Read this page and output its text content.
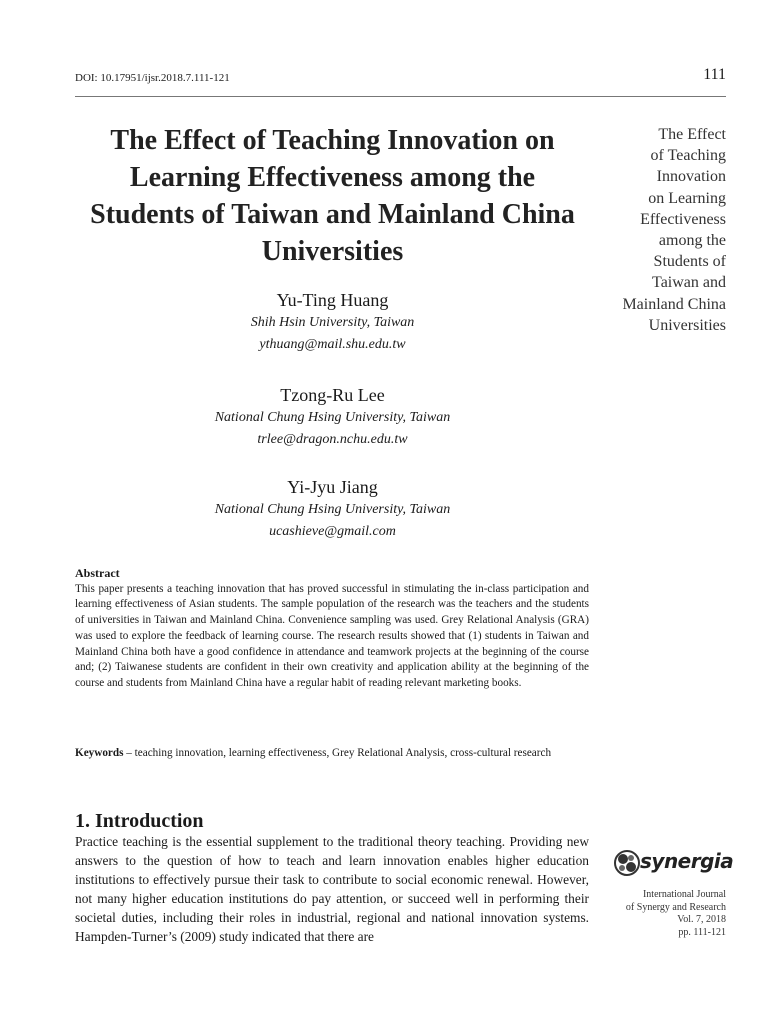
DOI: 10.17951/ijsr.2018.7.111-121	111
The Effect of Teaching Innovation on Learning Effectiveness among the Students of Taiwan and Mainland China Universities
The Effect
of Teaching
Innovation
on Learning
Effectiveness
among the
Students of
Taiwan and
Mainland China
Universities
Yu-Ting Huang
Shih Hsin University, Taiwan
ythuang@mail.shu.edu.tw
Tzong-Ru Lee
National Chung Hsing University, Taiwan
trlee@dragon.nchu.edu.tw
Yi-Jyu Jiang
National Chung Hsing University, Taiwan
ucashieve@gmail.com
Abstract
This paper presents a teaching innovation that has proved successful in stimulating the in-class participation and learning effectiveness of Asian students. The sample population of the research was the teachers and the students of universities in Taiwan and Mainland China. Convenience sampling was used. Grey Relational Analysis (GRA) was used to explore the feedback of learning course. The research results showed that (1) students in Taiwan and Mainland China both have a good confidence in attendance and teamwork projects at the beginning of the course and; (2) Taiwanese students are confident in their own creativity and application ability at the beginning of the course and students from Mainland China have a regular habit of reading relevant marketing books.
Keywords – teaching innovation, learning effectiveness, Grey Relational Analysis, cross-cultural research
1. Introduction
Practice teaching is the essential supplement to the traditional theory teaching. Providing new answers to the question of how to teach and learn innovation enables higher education institutions to effectively pursue their task to contribute to social economic renewal. However, not many higher education institutions do pay attention, or succeed well in performing their societal duties, including their roles in industrial, regional and national innovation systems. Hampden-Turner’s (2009) study indicated that there are
synergia
International Journal
of Synergy and Research
Vol. 7, 2018
pp. 111-121
